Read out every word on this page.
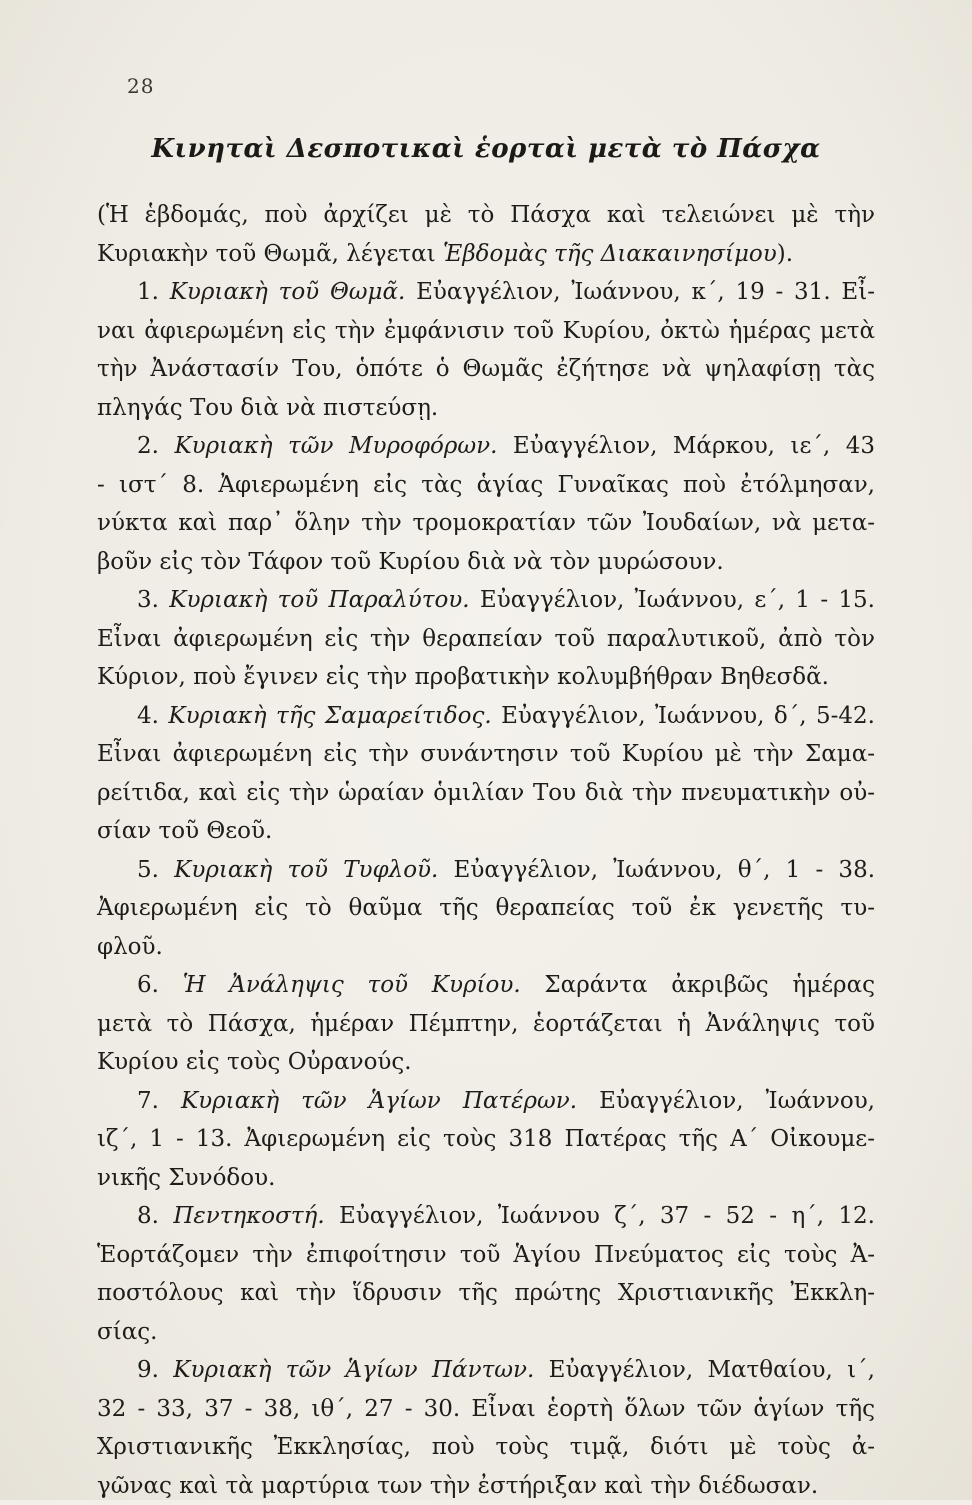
28
Κινηταὶ Δεσποτικαὶ ἑορταὶ μετὰ τὸ Πάσχα
(Ἡ ἑβδομάς, ποὺ ἀρχίζει μὲ τὸ Πάσχα καὶ τελειώνει μὲ τὴν
Κυριακὴν τοῦ Θωμᾶ, λέγεται Ἑβδομὰς τῆς Διακαινησίμου).
1. Κυριακὴ τοῦ Θωμᾶ. Εὐαγγέλιον, Ἰωάννου, κ΄, 19 - 31. Εἶ-
ναι ἀφιερωμένη εἰς τὴν ἐμφάνισιν τοῦ Κυρίου, ὀκτὼ ἡμέρας μετὰ
τὴν Ἀνάστασίν Του, ὁπότε ὁ Θωμᾶς ἐζήτησε νὰ ψηλαφίσῃ τὰς
πληγάς Του διὰ νὰ πιστεύσῃ.
2. Κυριακὴ τῶν Μυροφόρων. Εὐαγγέλιον, Μάρκου, ιε΄, 43
- ιστ΄ 8. Ἀφιερωμένη εἰς τὰς ἁγίας Γυναῖκας ποὺ ἐτόλμησαν,
νύκτα καὶ παρ᾽ ὅλην τὴν τρομοκρατίαν τῶν Ἰουδαίων, νὰ μετα-
βοῦν εἰς τὸν Τάφον τοῦ Κυρίου διὰ νὰ τὸν μυρώσουν.
3. Κυριακὴ τοῦ Παραλύτου. Εὐαγγέλιον, Ἰωάννου, ε΄, 1 - 15.
Εἶναι ἀφιερωμένη εἰς τὴν θεραπείαν τοῦ παραλυτικοῦ, ἀπὸ τὸν
Κύριον, ποὺ ἔγινεν εἰς τὴν προβατικὴν κολυμβήθραν Βηθεσδᾶ.
4. Κυριακὴ τῆς Σαμαρείτιδος. Εὐαγγέλιον, Ἰωάννου, δ΄, 5-42.
Εἶναι ἀφιερωμένη εἰς τὴν συνάντησιν τοῦ Κυρίου μὲ τὴν Σαμα-
ρείτιδα, καὶ εἰς τὴν ὡραίαν ὁμιλίαν Του διὰ τὴν πνευματικὴν οὐ-
σίαν τοῦ Θεοῦ.
5. Κυριακὴ τοῦ Τυφλοῦ. Εὐαγγέλιον, Ἰωάννου, θ΄, 1 - 38.
Ἀφιερωμένη εἰς τὸ θαῦμα τῆς θεραπείας τοῦ ἐκ γενετῆς τυ-
φλοῦ.
6. Ἡ Ἀνάληψις τοῦ Κυρίου. Σαράντα ἀκριβῶς ἡμέρας
μετὰ τὸ Πάσχα, ἡμέραν Πέμπτην, ἑορτάζεται ἡ Ἀνάληψις τοῦ
Κυρίου εἰς τοὺς Οὐρανούς.
7. Κυριακὴ τῶν Ἁγίων Πατέρων. Εὐαγγέλιον, Ἰωάννου,
ιζ΄, 1 - 13. Ἀφιερωμένη εἰς τοὺς 318 Πατέρας τῆς Α΄ Οἰκουμε-
νικῆς Συνόδου.
8. Πεντηκοστή. Εὐαγγέλιον, Ἰωάννου ζ΄, 37 - 52 - η΄, 12.
Ἑορτάζομεν τὴν ἐπιφοίτησιν τοῦ Ἁγίου Πνεύματος εἰς τοὺς Ἀ-
ποστόλους καὶ τὴν ἵδρυσιν τῆς πρώτης Χριστιανικῆς Ἐκκλη-
σίας.
9. Κυριακὴ τῶν Ἁγίων Πάντων. Εὐαγγέλιον, Ματθαίου, ι΄,
32 - 33, 37 - 38, ιθ΄, 27 - 30. Εἶναι ἑορτὴ ὅλων τῶν ἁγίων τῆς
Χριστιανικῆς Ἐκκλησίας, ποὺ τοὺς τιμᾷ, διότι μὲ τοὺς ἀ-
γῶνας καὶ τὰ μαρτύρια των τὴν ἐστήριξαν καὶ τὴν διέδωσαν.
